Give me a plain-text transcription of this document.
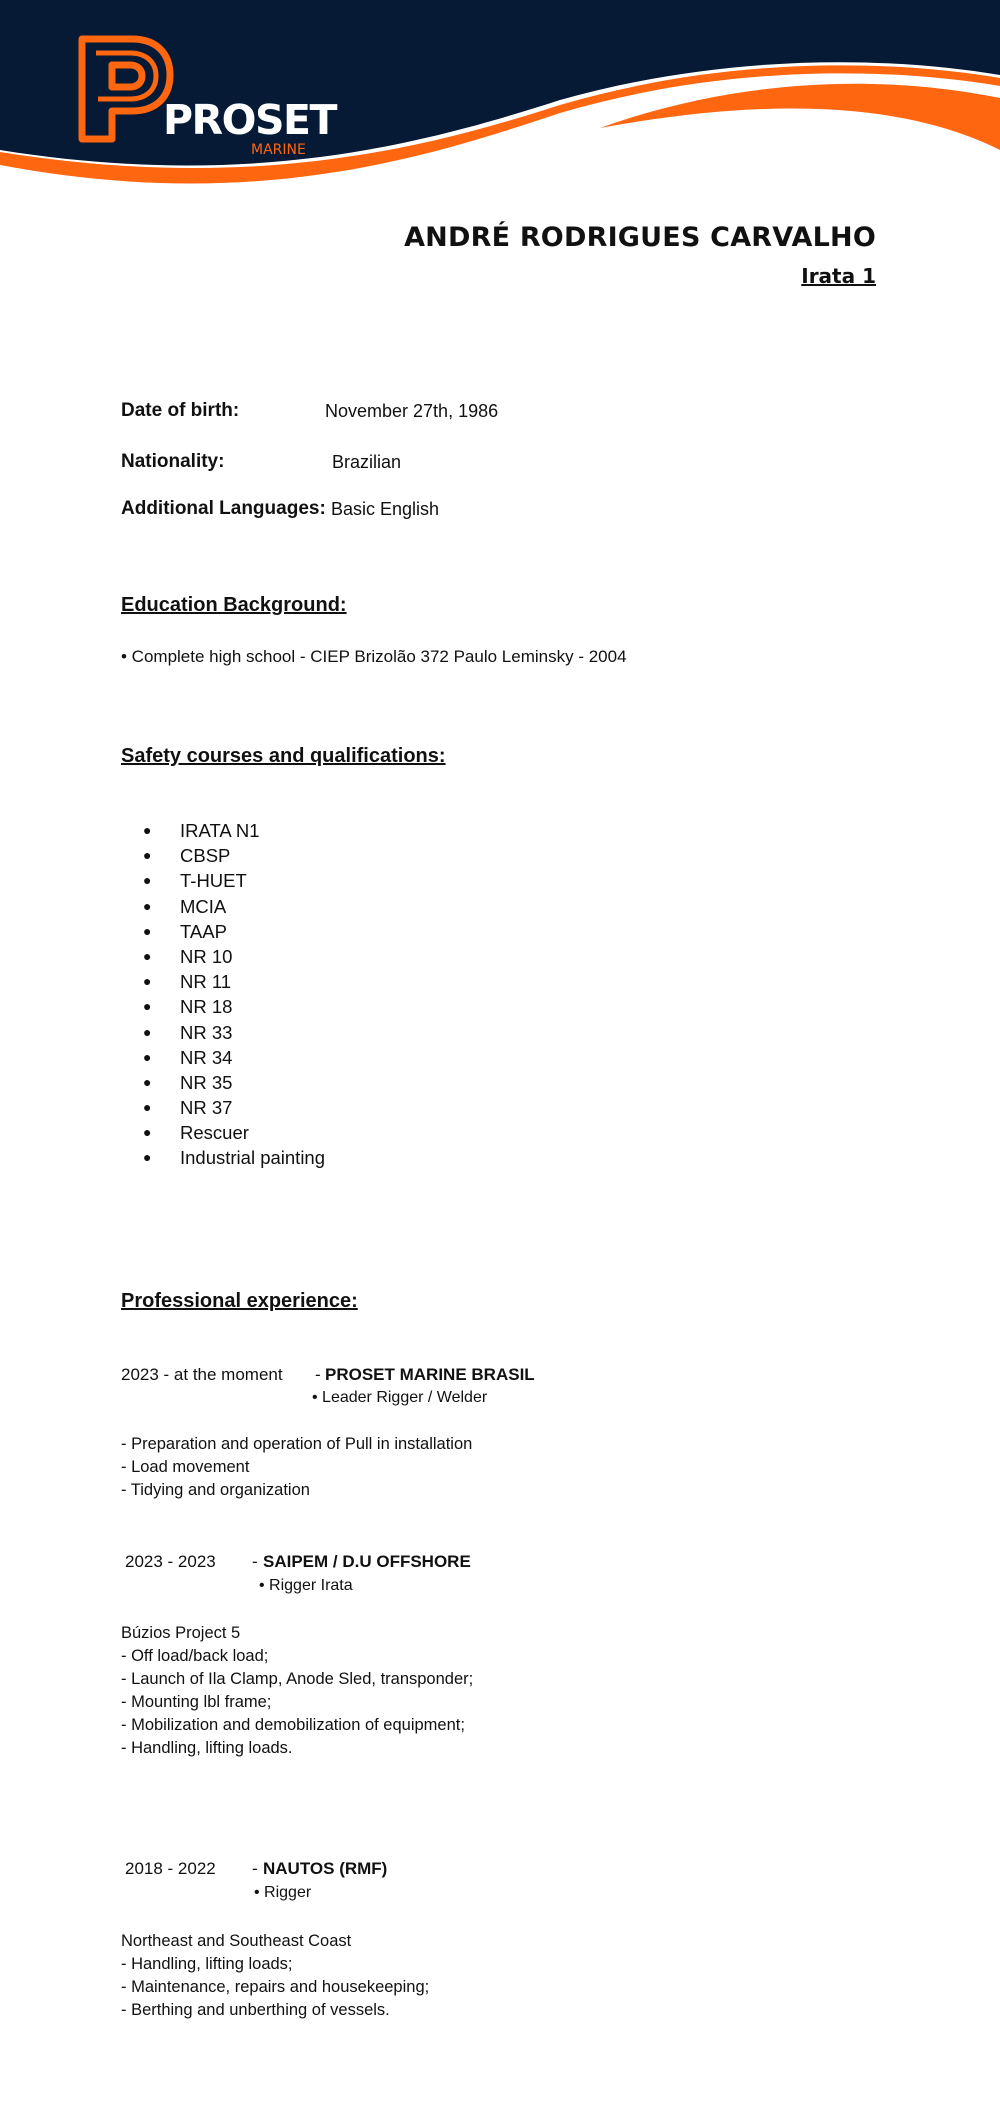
PROSET
MARINE
ANDRÉ RODRIGUES CARVALHO
Irata 1
Date of birth:	November 27th, 1986
Nationality:	Brazilian
Additional Languages: Basic English
Education Background:
• Complete high school - CIEP Brizolão 372 Paulo Leminsky - 2004
Safety courses and qualifications:
● IRATA N1
● CBSP
● T-HUET
● MCIA
● TAAP
● NR 10
● NR 11
● NR 18
● NR 33
● NR 34
● NR 35
● NR 37
● Rescuer
● Industrial painting
Professional experience:
2023 - at the moment - PROSET MARINE BRASIL
• Leader Rigger / Welder
- Preparation and operation of Pull in installation
- Load movement
- Tidying and organization
2023 - 2023 - SAIPEM / D.U OFFSHORE
• Rigger Irata
Búzios Project 5
- Off load/back load;
- Launch of Ila Clamp, Anode Sled, transponder;
- Mounting lbl frame;
- Mobilization and demobilization of equipment;
- Handling, lifting loads.
2018 - 2022 - NAUTOS (RMF)
• Rigger
Northeast and Southeast Coast
- Handling, lifting loads;
- Maintenance, repairs and housekeeping;
- Berthing and unberthing of vessels.
